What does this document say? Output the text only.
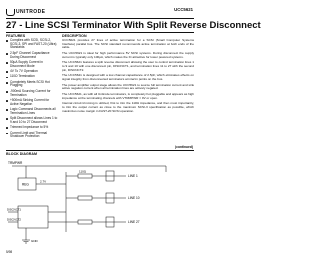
UNITRODE	UCC5621
27 - Line SCSI Terminator With Split Reverse Disconnect
FEATURES
Complies with SCSI, SCSI-2, SCSI-3, SPI and FAST-20 (Ultra) Standards
2.5pF Channel Capacitance During Disconnect
50µA Supply Current in Disconnect Mode
4V To 7V Operation
110Ω Termination
Completely Meets SCSI Hot Plugging
-900mA Sourcing Current for Termination
+500mA Sinking Current for Active Negation
Logic Command Disconnects all Termination Lines
Split Disconnect allows Lines 1 to 9 and 10 to 27 Disconnect
Trimmed Impedance to 5%
Current Limit and Thermal Shutdown Protection
DESCRIPTION

UCC5621 provides 27 lines of active termination for a SCSI (Small Computer Systems Interface) parallel bus. The SCSI standard recommends active termination at both ends of the cable.

The UCC5621 is ideal for high performance 5V SCSI systems. During disconnect the supply current is typically only 100µA, which makes the IC attractive for lower powered systems.

The UCC5621 features a split reverse disconnect allowing the user to control termination lines 1 to 9 and 10 with one disconnect pin, DISCNCT1, and termination lines 11 to 27 with the second pin, DISCNCT2.

The UCC5621 is designed with a low channel capacitance of 2.5pF, which eliminates effects on signal integrity from disconnected terminators at interim points on the bus.

The power amplifier output stage allows the UCC5621 to source full termination current and sink active negation current when all termination lines are actively negated.

The UCC5621, as with all Unitrode terminators, is completely hot pluggable and appears as high impedance at the terminating channels with VTRMPWR = 0V or open.

Internal circuit trimming is utilized, first to trim the 110Ω impedance, and then most importantly, to trim the output current as close to the maximum SCSI-3 specification as possible, which maximizes noise margin in FAST-20 SCSI operation.

(continued)
BLOCK DIAGRAM
TRMPWR
REG
2.7V
110Ω
LINE 1
LINE 10
LINE 27
DISCNCT1
DISCNCT2
GND
5/98
